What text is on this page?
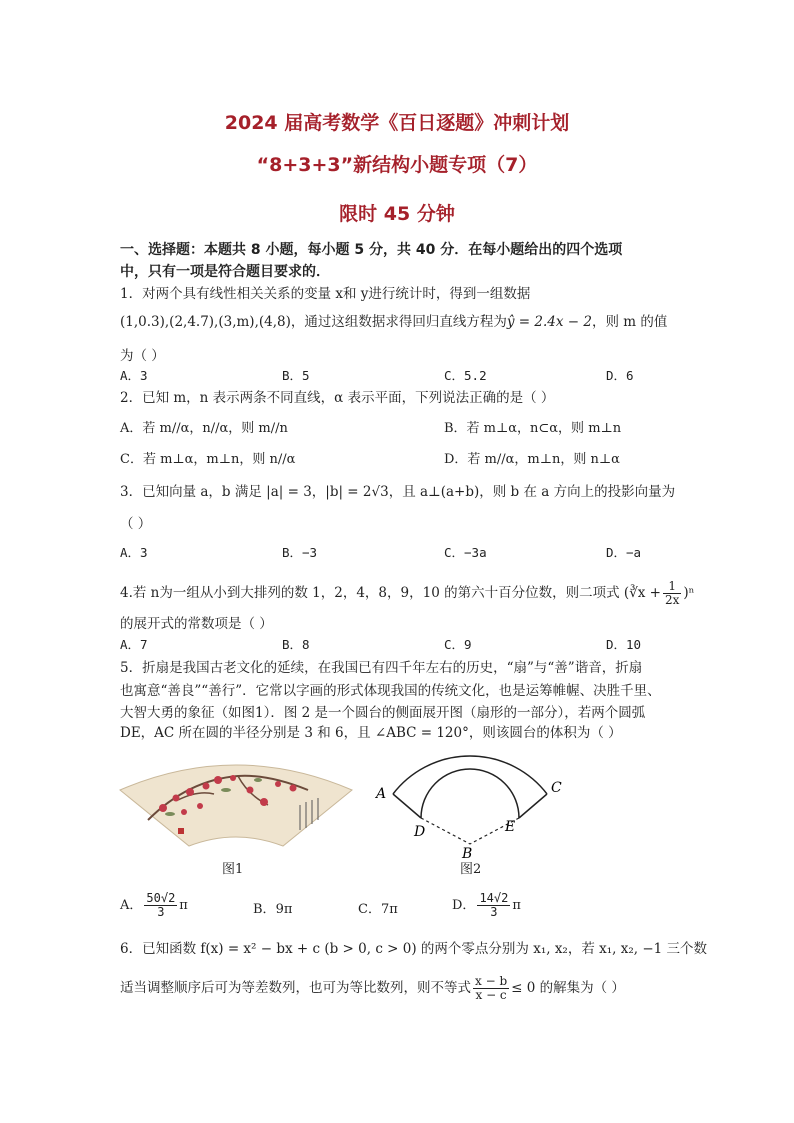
2024 届高考数学《百日逐题》冲刺计划
“8+3+3”新结构小题专项（7）
限时 45 分钟
一、选择题：本题共 8 小题，每小题 5 分，共 40 分．在每小题给出的四个选项
中，只有一项是符合题目要求的．
1．对两个具有线性相关关系的变量 x和 y进行统计时，得到一组数据
(1,0.3),(2,4.7),(3,m),(4,8)，通过这组数据求得回归直线方程为ŷ = 2.4x − 2，则 m 的值
为（ ）
A．3	B．5	C．5.2	D．6
2．已知 m，n 表示两条不同直线，α 表示平面，下列说法正确的是（ ）
A．若 m//α，n//α，则 m//n	B．若 m⊥α，n⊂α，则 m⊥n
C．若 m⊥α，m⊥n，则 n//α	D．若 m//α，m⊥n，则 n⊥α
3．已知向量 a，b 满足 |a| = 3，|b| = 2√3，且 a⊥(a+b)，则 b 在 a 方向上的投影向量为
（ ）
A．3	B．−3	C．−3a	D．−a
4.若 n为一组从小到大排列的数 1，2，4，8，9，10 的第六十百分位数，则二项式 (∛x + $\frac{1}{2x} )^n$
的展开式的常数项是（ ）
A．7	B．8	C．9	D．10
5．折扇是我国古老文化的延续，在我国已有四千年左右的历史，“扇”与“善”谐音，折扇
也寓意“善良”“善行”．它常以字画的形式体现我国的传统文化，也是运筹帷幄、决胜千里、
大智大勇的象征（如图1）．图 2 是一个圆台的侧面展开图（扇形的一部分），若两个圆弧
DE，AC 所在圆的半径分别是 3 和 6，且 ∠ABC = 120°，则该圆台的体积为（ ）
图1
A	C
D	E
B
图2
A． $\frac{50√2}{3}$ π	B．9π	C．7π	D． $\frac{14√2}{3}$ π
6．已知函数 f(x) = x² − bx + c (b > 0, c > 0) 的两个零点分别为 x₁, x₂，若 x₁, x₂, −1 三个数
适当调整顺序后可为等差数列，也可为等比数列，则不等式 $\frac{x - b}{x - c} \le 0$ 的解集为（ ）
